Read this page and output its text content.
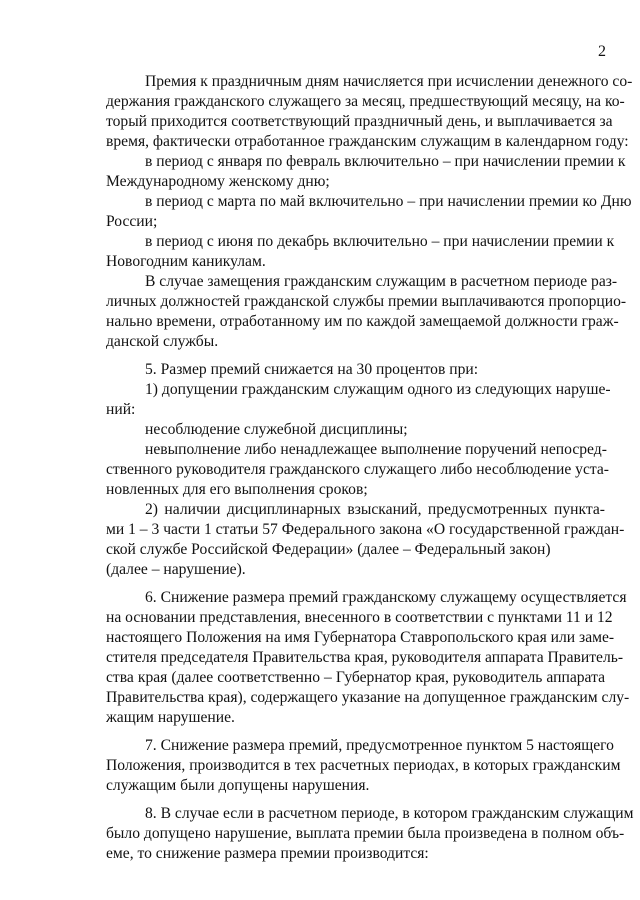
2
Премия к праздничным дням начисляется при исчислении денежного со-
держания гражданского служащего за месяц, предшествующий месяцу, на ко-
торый приходится соответствующий праздничный день, и выплачивается за
время, фактически отработанное гражданским служащим в календарном году:
в период с января по февраль включительно – при начислении премии к
Международному женскому дню;
в период с марта по май включительно – при начислении премии ко Дню
России;
в период с июня по декабрь включительно – при начислении премии к
Новогодним каникулам.
В случае замещения гражданским служащим в расчетном периоде раз-
личных должностей гражданской службы премии выплачиваются пропорцио-
нально времени, отработанному им по каждой замещаемой должности граж-
данской службы.
5. Размер премий снижается на 30 процентов при:
1) допущении гражданским служащим одного из следующих наруше-
ний:
несоблюдение служебной дисциплины;
невыполнение либо ненадлежащее выполнение поручений непосред-
ственного руководителя гражданского служащего либо несоблюдение уста-
новленных для его выполнения сроков;
2) наличии дисциплинарных взысканий, предусмотренных пункта-
ми 1 – 3 части 1 статьи 57 Федерального закона «О государственной граждан-
ской службе Российской Федерации» (далее – Федеральный закон)
(далее – нарушение).
6. Снижение размера премий гражданскому служащему осуществляется
на основании представления, внесенного в соответствии с пунктами 11 и 12
настоящего Положения на имя Губернатора Ставропольского края или заме-
стителя председателя Правительства края, руководителя аппарата Правитель-
ства края (далее соответственно – Губернатор края, руководитель аппарата
Правительства края), содержащего указание на допущенное гражданским слу-
жащим нарушение.
7. Снижение размера премий, предусмотренное пунктом 5 настоящего
Положения, производится в тех расчетных периодах, в которых гражданским
служащим были допущены нарушения.
8. В случае если в расчетном периоде, в котором гражданским служащим
было допущено нарушение, выплата премии была произведена в полном объ-
еме, то снижение размера премии производится:
